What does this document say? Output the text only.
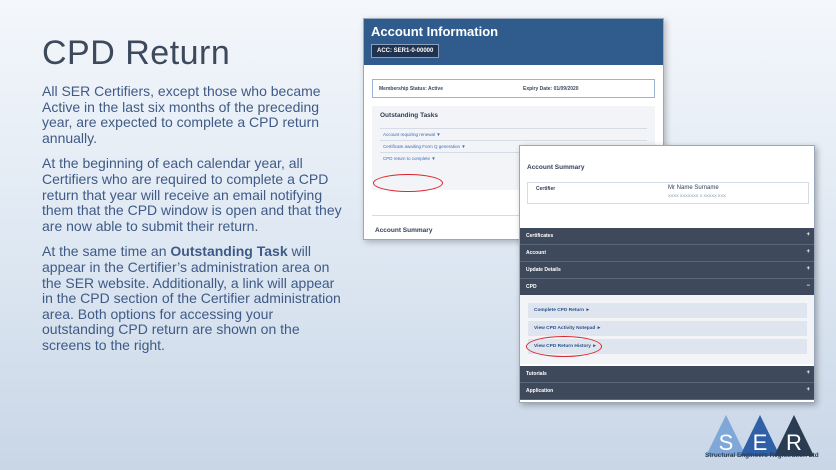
CPD Return

All SER Certifiers, except those who became Active in the last six months of the preceding year, are expected to complete a CPD return annually.

At the beginning of each calendar year, all Certifiers who are required to complete a CPD return that year will receive an email notifying them that the CPD window is open and that they are now able to submit their return.

At the same time an Outstanding Task will appear in the Certifier’s administration area on the SER website. Additionally, a link will appear in the CPD section of the Certifier administration area. Both options for accessing your outstanding CPD return are shown on the screens to the right.

Account Information
ACC: SER1-0-00000
Membership Status: Active	Expiry Date: 01/09/2020
Outstanding Tasks
Account requiring renewal ▼
Certificate awaiting Form Q generation ▼
CPD return to complete ▼
Account Summary
Account Summary
Certifier	Mr Name Surname
XXXX XXXXXXX X XXXXX XXX
Certificates	+
Account	+
Update Details	+
CPD	−
Complete CPD Return ►
View CPD Activity Notepad ►
View CPD Return History ►
Tutorials	+
Application	+
S E R
Structural Engineers Registration Ltd
